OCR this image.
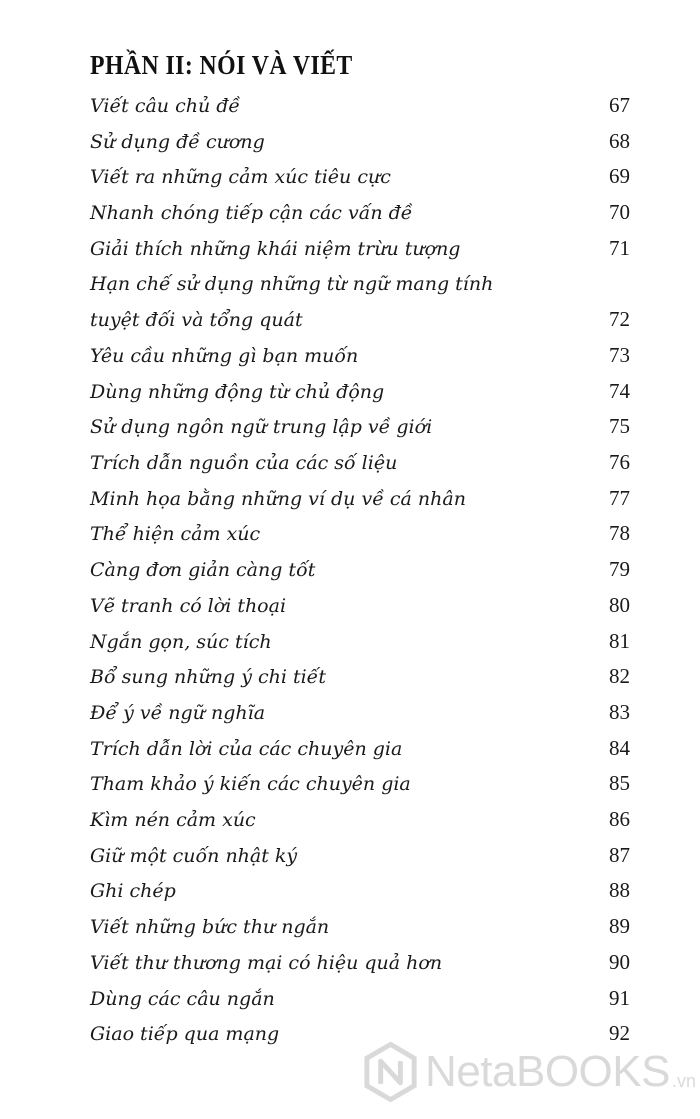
PHẦN II: NÓI VÀ VIẾT
Viết câu chủ đề	67
Sử dụng đề cương	68
Viết ra những cảm xúc tiêu cực	69
Nhanh chóng tiếp cận các vấn đề	70
Giải thích những khái niệm trừu tượng	71
Hạn chế sử dụng những từ ngữ mang tính
tuyệt đối và tổng quát	72
Yêu cầu những gì bạn muốn	73
Dùng những động từ chủ động	74
Sử dụng ngôn ngữ trung lập về giới	75
Trích dẫn nguồn của các số liệu	76
Minh họa bằng những ví dụ về cá nhân	77
Thể hiện cảm xúc	78
Càng đơn giản càng tốt	79
Vẽ tranh có lời thoại	80
Ngắn gọn, súc tích	81
Bổ sung những ý chi tiết	82
Để ý về ngữ nghĩa	83
Trích dẫn lời của các chuyên gia	84
Tham khảo ý kiến các chuyên gia	85
Kìm nén cảm xúc	86
Giữ một cuốn nhật ký	87
Ghi chép	88
Viết những bức thư ngắn	89
Viết thư thương mại có hiệu quả hơn	90
Dùng các câu ngắn	91
Giao tiếp qua mạng	92
NetaBOOKS .vn
